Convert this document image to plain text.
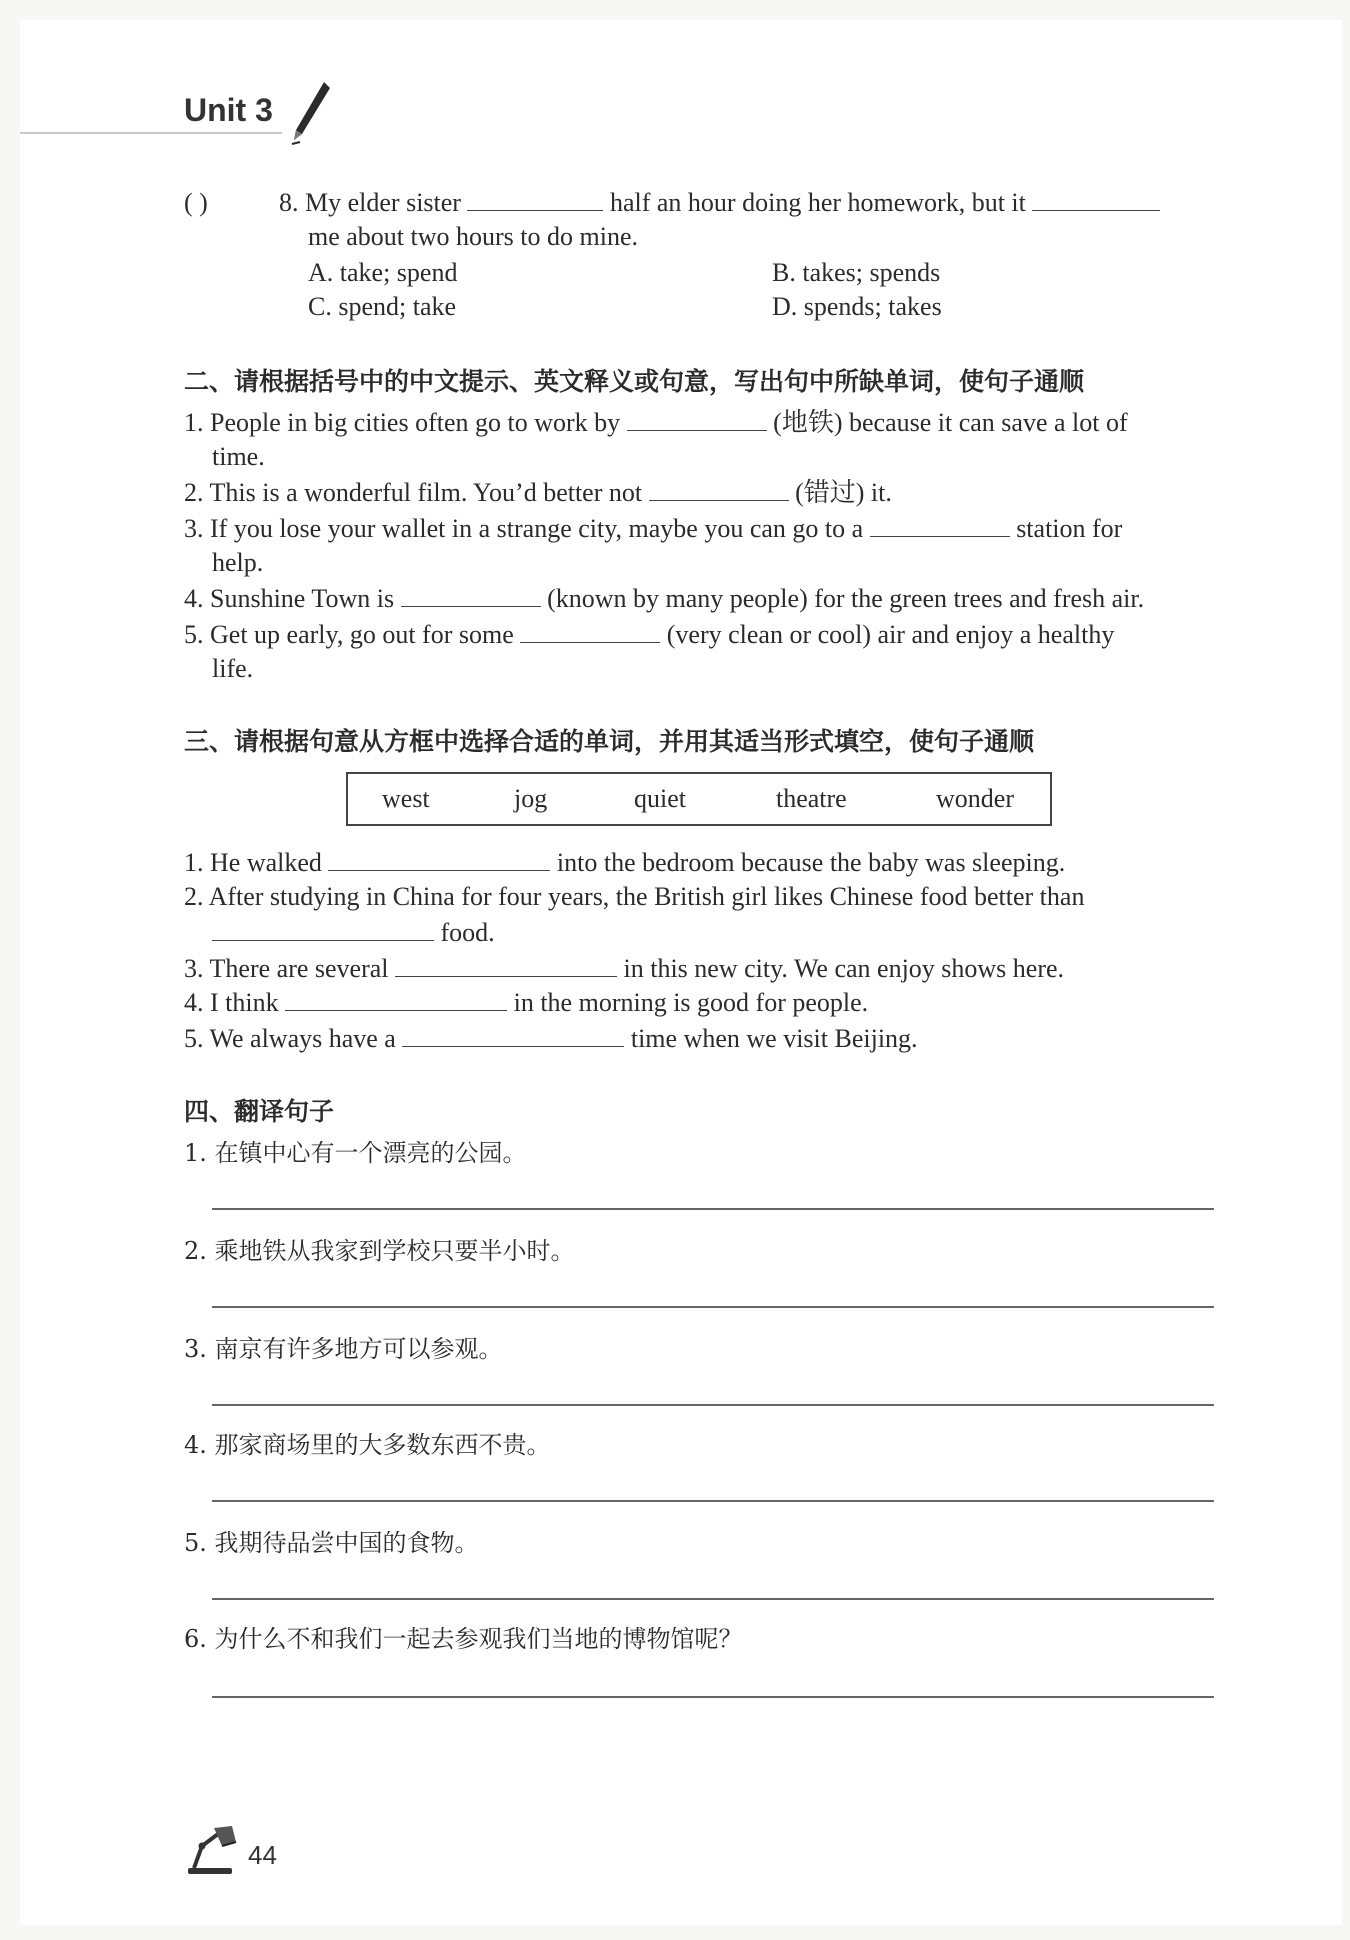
Unit 3
( )	8. My elder sister	half an hour doing her homework, but it
me about two hours to do mine.
A. take; spend	B. takes; spends
C. spend; take	D. spends; takes
二、请根据括号中的中文提示、英文释义或句意，写出句中所缺单词，使句子通顺
1. People in big cities often go to work by	(地铁) because it can save a lot of
time.
2. This is a wonderful film. You’d better not	(错过) it.
3. If you lose your wallet in a strange city, maybe you can go to a	station for
help.
4. Sunshine Town is	(known by many people) for the green trees and fresh air.
5. Get up early, go out for some	(very clean or cool) air and enjoy a healthy
life.
三、请根据句意从方框中选择合适的单词，并用其适当形式填空，使句子通顺
west	jog	quiet	theatre	wonder
1. He walked	into the bedroom because the baby was sleeping.
2. After studying in China for four years, the British girl likes Chinese food better than
food.
3. There are several	in this new city. We can enjoy shows here.
4. I think	in the morning is good for people.
5. We always have a	time when we visit Beijing.
四、翻译句子
1. 在镇中心有一个漂亮的公园。
2. 乘地铁从我家到学校只要半小时。
3. 南京有许多地方可以参观。
4. 那家商场里的大多数东西不贵。
5. 我期待品尝中国的食物。
6. 为什么不和我们一起去参观我们当地的博物馆呢？
44
